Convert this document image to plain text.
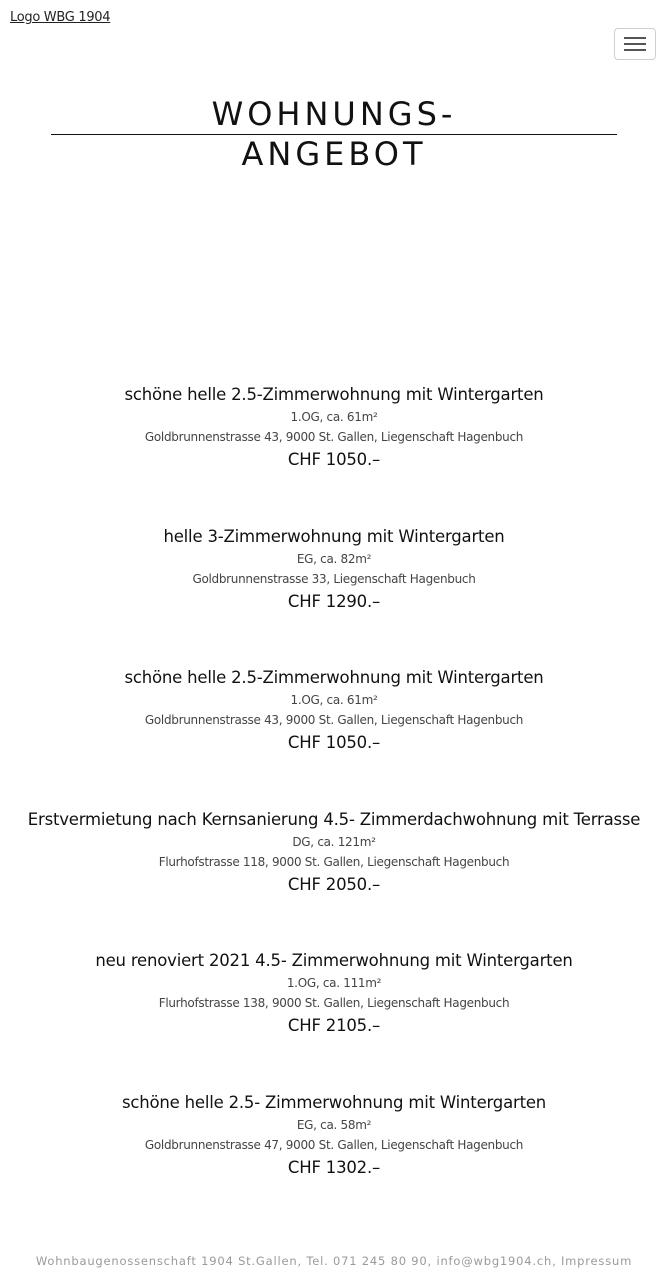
Logo WBG 1904
WOHNUNGS-
ANGEBOT
schöne helle 2.5-Zimmerwohnung mit Wintergarten
1.OG, ca. 61m²
Goldbrunnenstrasse 43, 9000 St. Gallen, Liegenschaft Hagenbuch
CHF 1050.–
helle 3-Zimmerwohnung mit Wintergarten
EG, ca. 82m²
Goldbrunnenstrasse 33, Liegenschaft Hagenbuch
CHF 1290.–
schöne helle 2.5-Zimmerwohnung mit Wintergarten
1.OG, ca. 61m²
Goldbrunnenstrasse 43, 9000 St. Gallen, Liegenschaft Hagenbuch
CHF 1050.–
Erstvermietung nach Kernsanierung 4.5- Zimmerdachwohnung mit Terrasse
DG, ca. 121m²
Flurhofstrasse 118, 9000 St. Gallen, Liegenschaft Hagenbuch
CHF 2050.–
neu renoviert 2021 4.5- Zimmerwohnung mit Wintergarten
1.OG, ca. 111m²
Flurhofstrasse 138, 9000 St. Gallen, Liegenschaft Hagenbuch
CHF 2105.–
schöne helle 2.5- Zimmerwohnung mit Wintergarten
EG, ca. 58m²
Goldbrunnenstrasse 47, 9000 St. Gallen, Liegenschaft Hagenbuch
CHF 1302.–
Wohnbaugenossenschaft 1904 St.Gallen, Tel. 071 245 80 90, info@wbg1904.ch, Impressum
